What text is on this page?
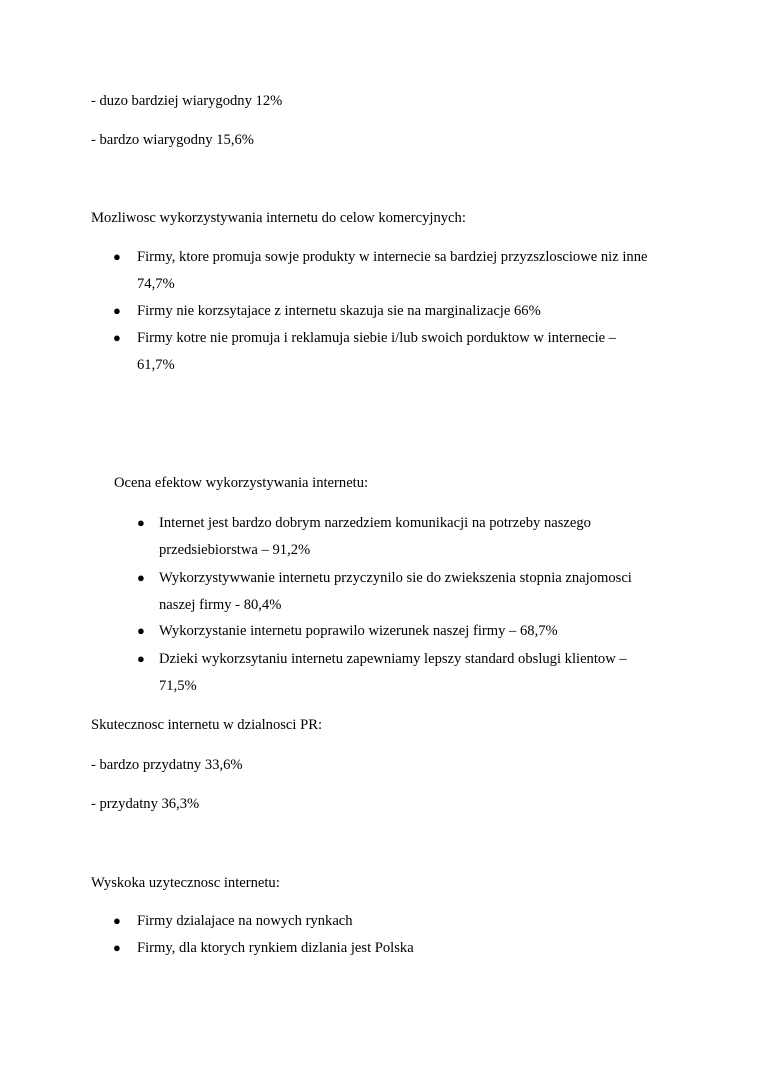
- duzo bardziej wiarygodny 12%
- bardzo wiarygodny 15,6%
Mozliwosc wykorzystywania internetu do celow komercyjnych:
● Firmy, ktore promuja sowje produkty w internecie sa bardziej przyzszlosciowe niz inne 74,7%
● Firmy nie korzsytajace z internetu skazuja sie na marginalizacje 66%
● Firmy kotre nie promuja i reklamuja siebie i/lub swoich porduktow w internecie – 61,7%
Ocena efektow wykorzystywania internetu:
● Internet jest bardzo dobrym narzedziem komunikacji na potrzeby naszego przedsiebiorstwa – 91,2%
● Wykorzystywwanie internetu przyczynilo sie do zwiekszenia stopnia znajomosci naszej firmy - 80,4%
● Wykorzystanie internetu poprawilo wizerunek naszej firmy – 68,7%
● Dzieki wykorzsytaniu internetu zapewniamy lepszy standard obslugi klientow – 71,5%
Skutecznosc internetu w dzialnosci PR:
- bardzo przydatny 33,6%
- przydatny 36,3%
Wyskoka uzytecznosc internetu:
● Firmy dzialajace na nowych rynkach
● Firmy, dla ktorych rynkiem dizlania jest Polska
